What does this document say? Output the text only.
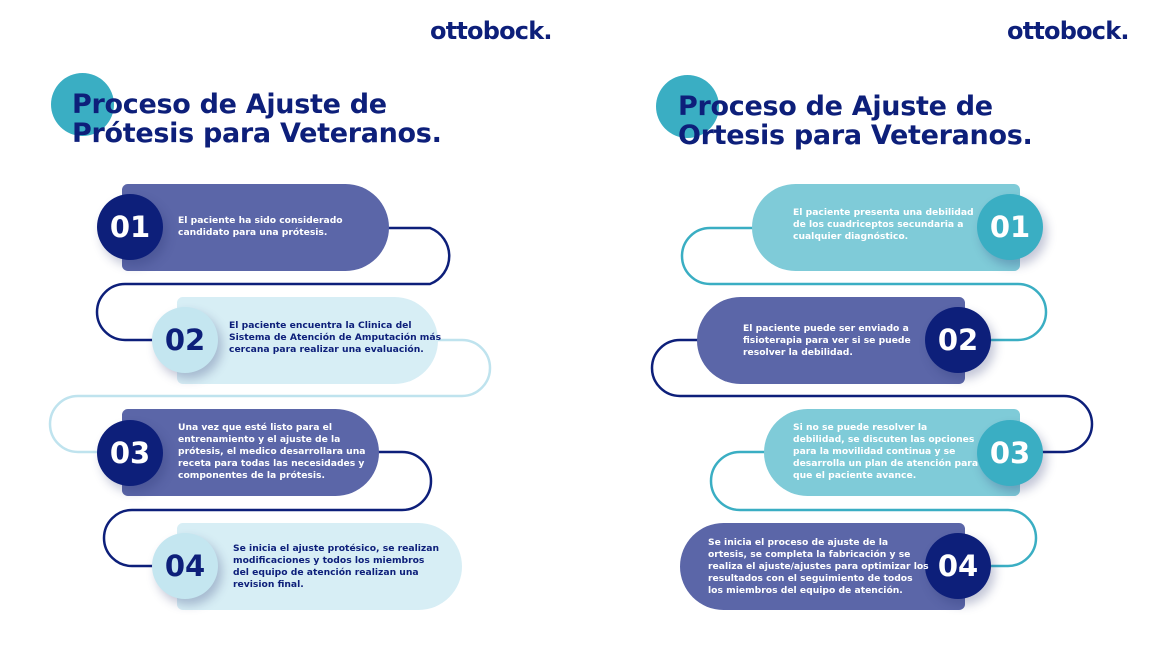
ottobock.
Proceso de Ajuste de
Prótesis para Veteranos.
01	El paciente ha sido considerado
candidato para una prótesis.
02	El paciente encuentra la Clinica del
Sistema de Atención de Amputación más
cercana para realizar una evaluación.
03
Una vez que esté listo para el
entrenamiento y el ajuste de la
prótesis, el medico desarrollara una
receta para todas las necesidades y
componentes de la prótesis.
04
Se inicia el ajuste protésico, se realizan
modificaciones y todos los miembros
del equipo de atención realizan una
revision final.
ottobock.
Proceso de Ajuste de
Ortesis para Veteranos.
01
El paciente presenta una debilidad
de los cuadriceptos secundaria a
cualquier diagnóstico.
02
El paciente puede ser enviado a
fisioterapia para ver si se puede
resolver la debilidad.
03
Si no se puede resolver la
debilidad, se discuten las opciones
para la movilidad continua y se
desarrolla un plan de atención para
que el paciente avance.
04
Se inicia el proceso de ajuste de la
ortesis, se completa la fabricación y se
realiza el ajuste/ajustes para optimizar los
resultados con el seguimiento de todos
los miembros del equipo de atención.
